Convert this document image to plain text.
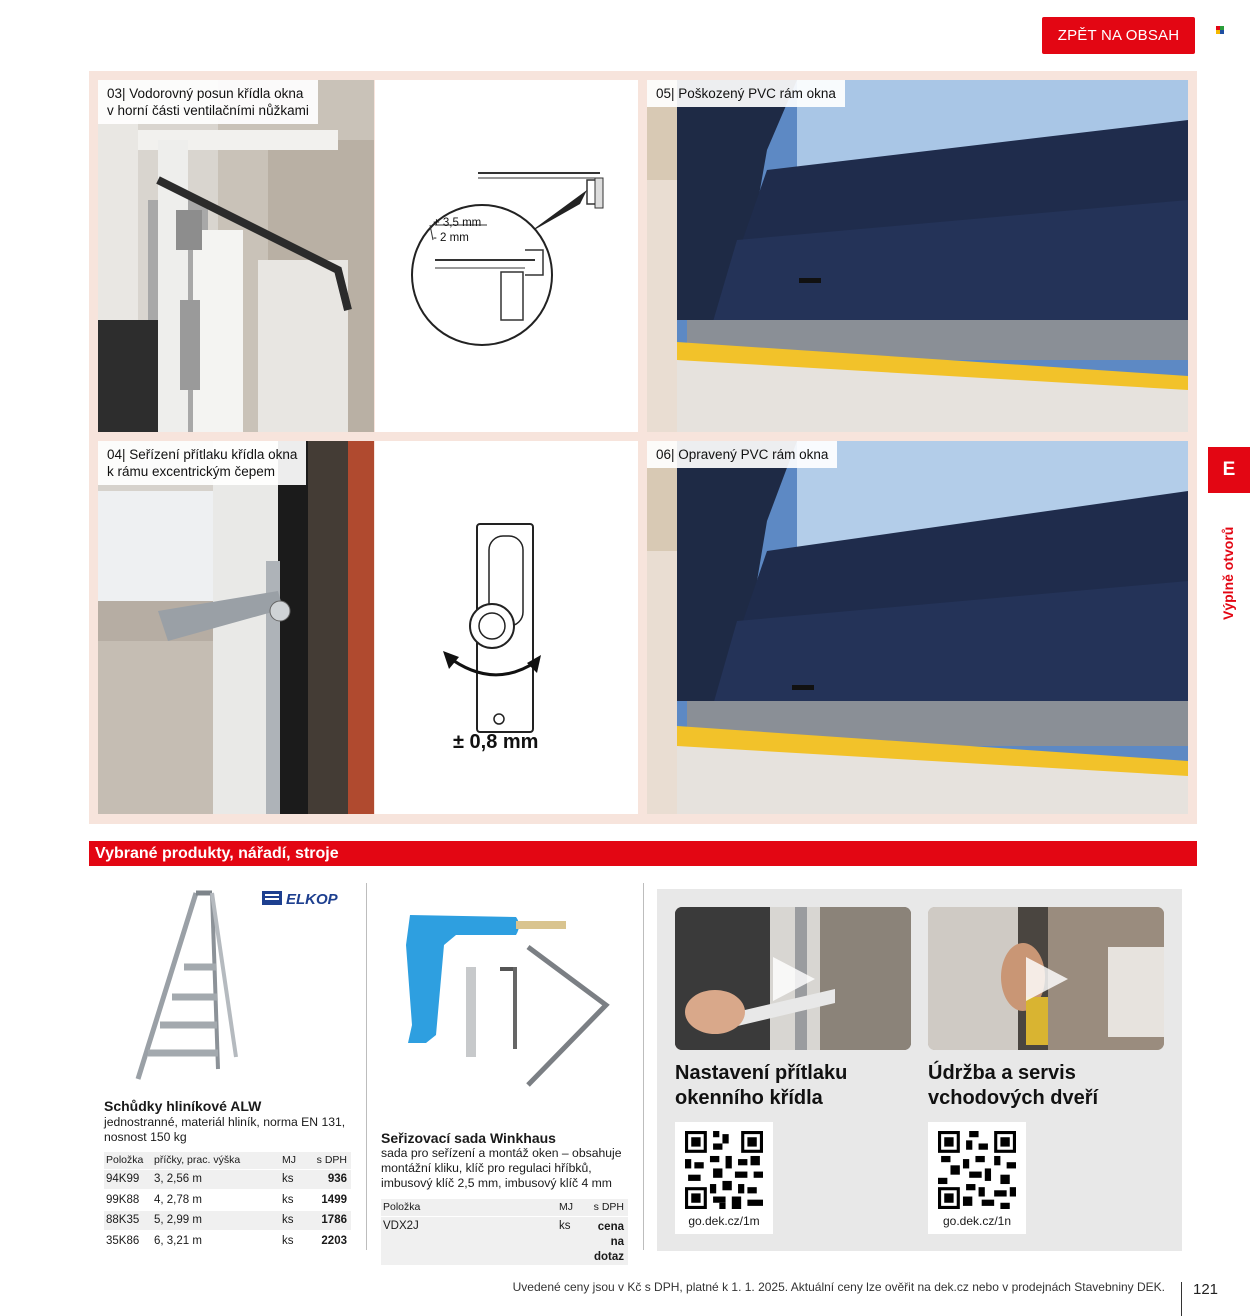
ZPĚT NA OBSAH
03| Vodorovný posun křídla okna
v horní části ventilačními nůžkami
+ 3,5 mm
- 2 mm
05| Poškozený PVC rám okna
04| Seřízení přítlaku křídla okna
k rámu excentrickým čepem
± 0,8 mm
06| Opravený PVC rám okna
Vybrané produkty, nářadí, stroje
ELKOP
Schůdky hliníkové ALW
jednostranné, materiál hliník, norma EN 131,
nosnost 150 kg
Položka	příčky, prac. výška	MJ	s DPH
94K99	3, 2,56 m	ks	936
99K88	4, 2,78 m	ks	1499
88K35	5, 2,99 m	ks	1786
35K86	6, 3,21 m	ks	2203
Seřizovací sada Winkhaus
sada pro seřízení a montáž oken – obsahuje
montážní kliku, klíč pro regulaci hříbků,
imbusový klíč 2,5 mm, imbusový klíč 4 mm
Položka	MJ	s DPH
VDX2J	ks	cena na
dotaz
Nastavení přítlaku
okenního křídla
Údržba a servis
vchodových dveří
go.dek.cz/1m	go.dek.cz/1n
E
Výplně otvorů
Uvedené ceny jsou v Kč s DPH, platné k 1. 1. 2025. Aktuální ceny lze ověřit na dek.cz nebo v prodejnách Stavebniny DEK. 121
